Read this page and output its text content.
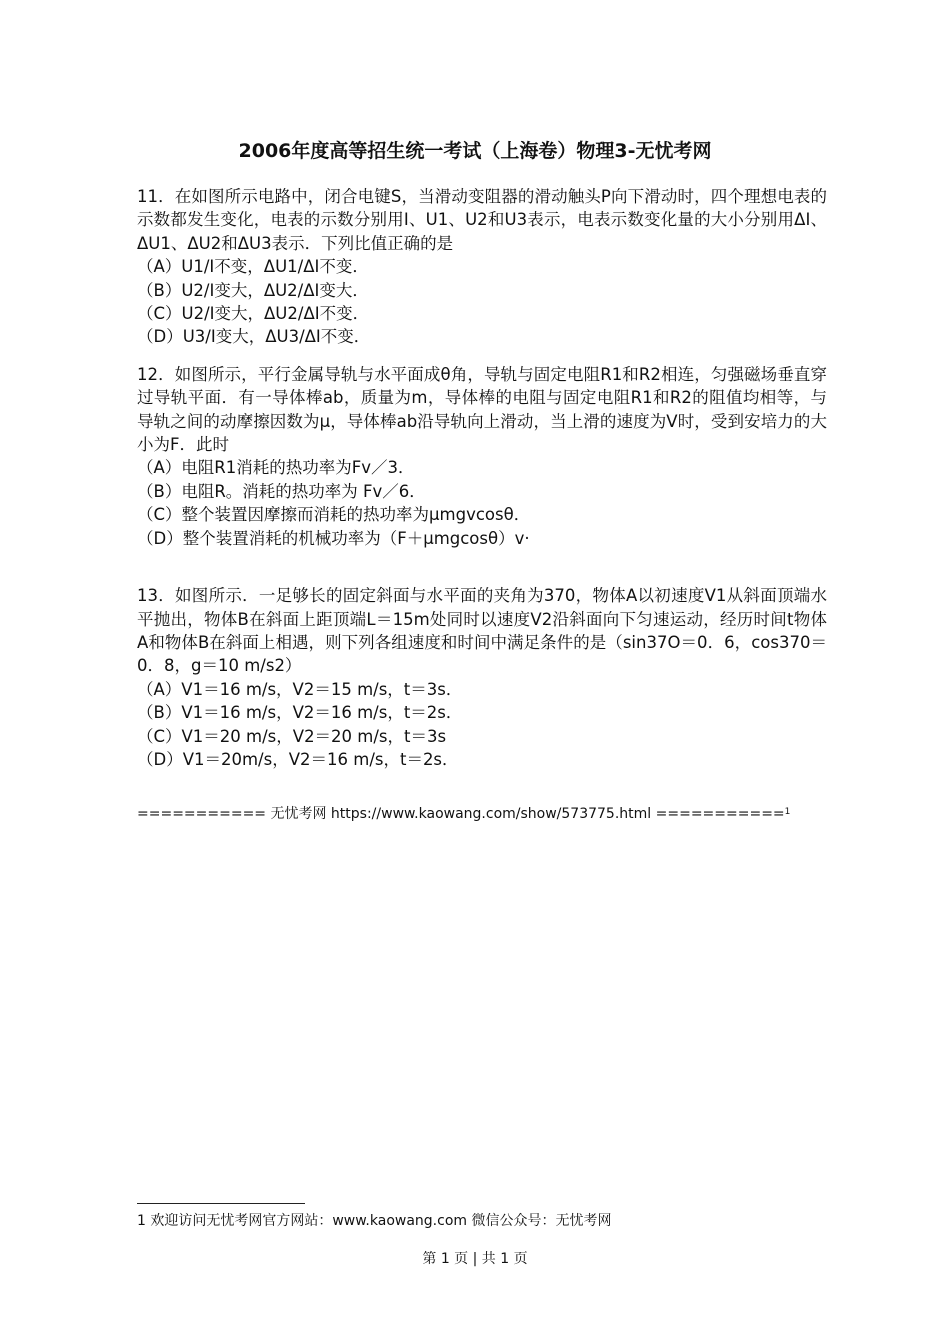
2006年度高等招生统一考试（上海卷）物理3-无忧考网

11．在如图所示电路中，闭合电键S，当滑动变阻器的滑动触头P向下滑动时，四个理想电表的示数都发生变化，电表的示数分别用I、U1、U2和U3表示，电表示数变化量的大小分别用ΔI、ΔU1、ΔU2和ΔU3表示．下列比值正确的是

（A）U1/I不变，ΔU1/ΔI不变．
（B）U2/I变大，ΔU2/ΔI变大．
（C）U2/I变大，ΔU2/ΔI不变．
（D）U3/I变大，ΔU3/ΔI不变．

12．如图所示，平行金属导轨与水平面成θ角，导轨与固定电阻R1和R2相连，匀强磁场垂直穿过导轨平面．有一导体棒ab，质量为m，导体棒的电阻与固定电阻R1和R2的阻值均相等，与导轨之间的动摩擦因数为μ，导体棒ab沿导轨向上滑动，当上滑的速度为V时，受到安培力的大小为F．此时

（A）电阻R1消耗的热功率为Fv／3．
（B）电阻R。消耗的热功率为 Fv／6．
（C）整个装置因摩擦而消耗的热功率为μmgvcosθ．
（D）整个装置消耗的机械功率为（F＋μmgcosθ）v·

13．如图所示．一足够长的固定斜面与水平面的夹角为370，物体A以初速度V1从斜面顶端水平抛出，物体B在斜面上距顶端L＝15m处同时以速度V2沿斜面向下匀速运动，经历时间t物体A和物体B在斜面上相遇，则下列各组速度和时间中满足条件的是（sin37O＝0．6，cos370＝0．8，g＝10 m/s2）

（A）V1＝16 m/s，V2＝15 m/s，t＝3s．
（B）V1＝16 m/s，V2＝16 m/s，t＝2s．
（C）V1＝20 m/s，V2＝20 m/s，t＝3s
（D）V1＝20m/s，V2＝16 m/s，t＝2s．
=========== 无忧考网 https://www.kaowang.com/show/573775.html ===========$^1$
1 欢迎访问无忧考网官方网站：www.kaowang.com 微信公众号：无忧考网
第 1 页 | 共 1 页
